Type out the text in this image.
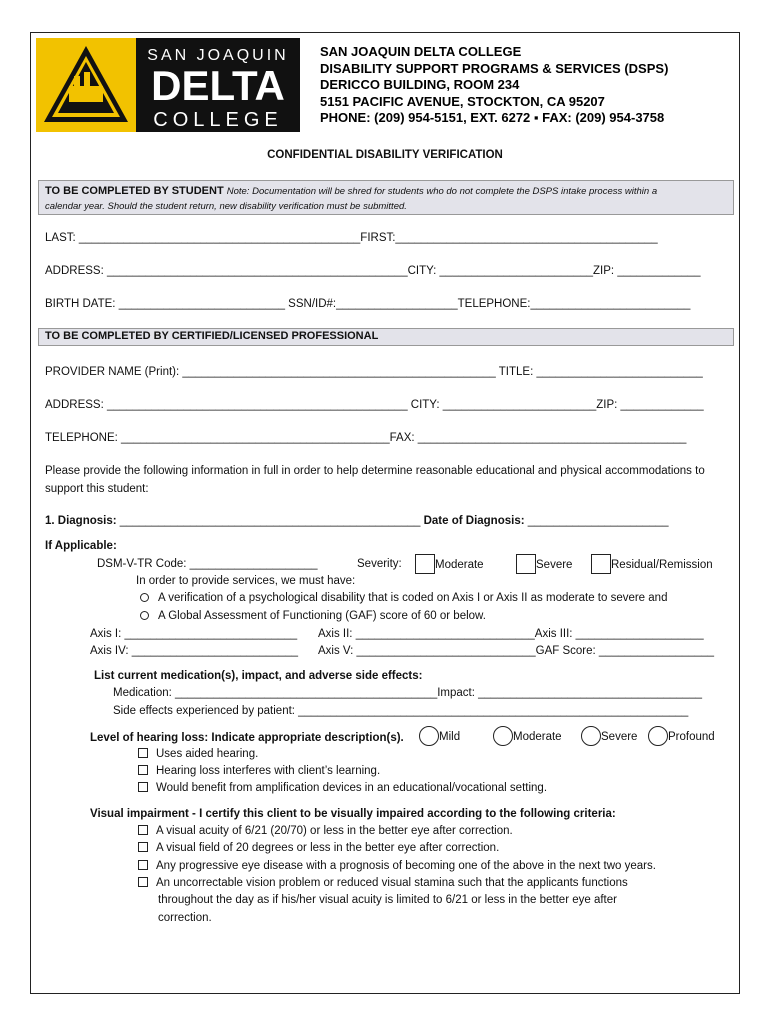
SAN JOAQUIN
DELTA
COLLEGE
SAN JOAQUIN DELTA COLLEGE
DISABILITY SUPPORT PROGRAMS & SERVICES (DSPS)
DERICCO BUILDING, ROOM 234
5151 PACIFIC AVENUE, STOCKTON, CA 95207
PHONE: (209) 954-5151, EXT. 6272 ▪ FAX: (209) 954-3758
CONFIDENTIAL DISABILITY VERIFICATION
TO BE COMPLETED BY STUDENT Note: Documentation will be shred for students who do not complete the DSPS intake process within a
calendar year. Should the student return, new disability verification must be submitted.
LAST: ____________________________________________FIRST:_________________________________________
ADDRESS: _______________________________________________CITY: ________________________ZIP: _____________
BIRTH DATE: __________________________ SSN/ID#:___________________TELEPHONE:_________________________
TO BE COMPLETED BY CERTIFIED/LICENSED PROFESSIONAL
PROVIDER NAME (Print): _________________________________________________ TITLE: __________________________
ADDRESS: _______________________________________________ CITY: ________________________ZIP: _____________
TELEPHONE: __________________________________________FAX: __________________________________________
Please provide the following information in full in order to help determine reasonable educational and physical accommodations to support this student:
1. Diagnosis: _______________________________________________ Date of Diagnosis: ______________________
If Applicable:
DSM-V-TR Code: ____________________	Severity:	Moderate	Severe	Residual/Remission
In order to provide services, we must have:
A verification of a psychological disability that is coded on Axis I or Axis II as moderate to severe and
A Global Assessment of Functioning (GAF) score of 60 or below.
Axis I: ___________________________ Axis II: ____________________________Axis III: ____________________
Axis IV: __________________________ Axis V: ____________________________GAF Score: __________________
List current medication(s), impact, and adverse side effects:
Medication: _________________________________________Impact: ___________________________________
Side effects experienced by patient: _____________________________________________________________
Level of hearing loss: Indicate appropriate description(s).	Mild	Moderate	Severe	Profound
Uses aided hearing.
Hearing loss interferes with client’s learning.
Would benefit from amplification devices in an educational/vocational setting.
Visual impairment - I certify this client to be visually impaired according to the following criteria:
A visual acuity of 6/21 (20/70) or less in the better eye after correction.
A visual field of 20 degrees or less in the better eye after correction.
Any progressive eye disease with a prognosis of becoming one of the above in the next two years.
An uncorrectable vision problem or reduced visual stamina such that the applicants functions
throughout the day as if his/her visual acuity is limited to 6/21 or less in the better eye after
correction.
